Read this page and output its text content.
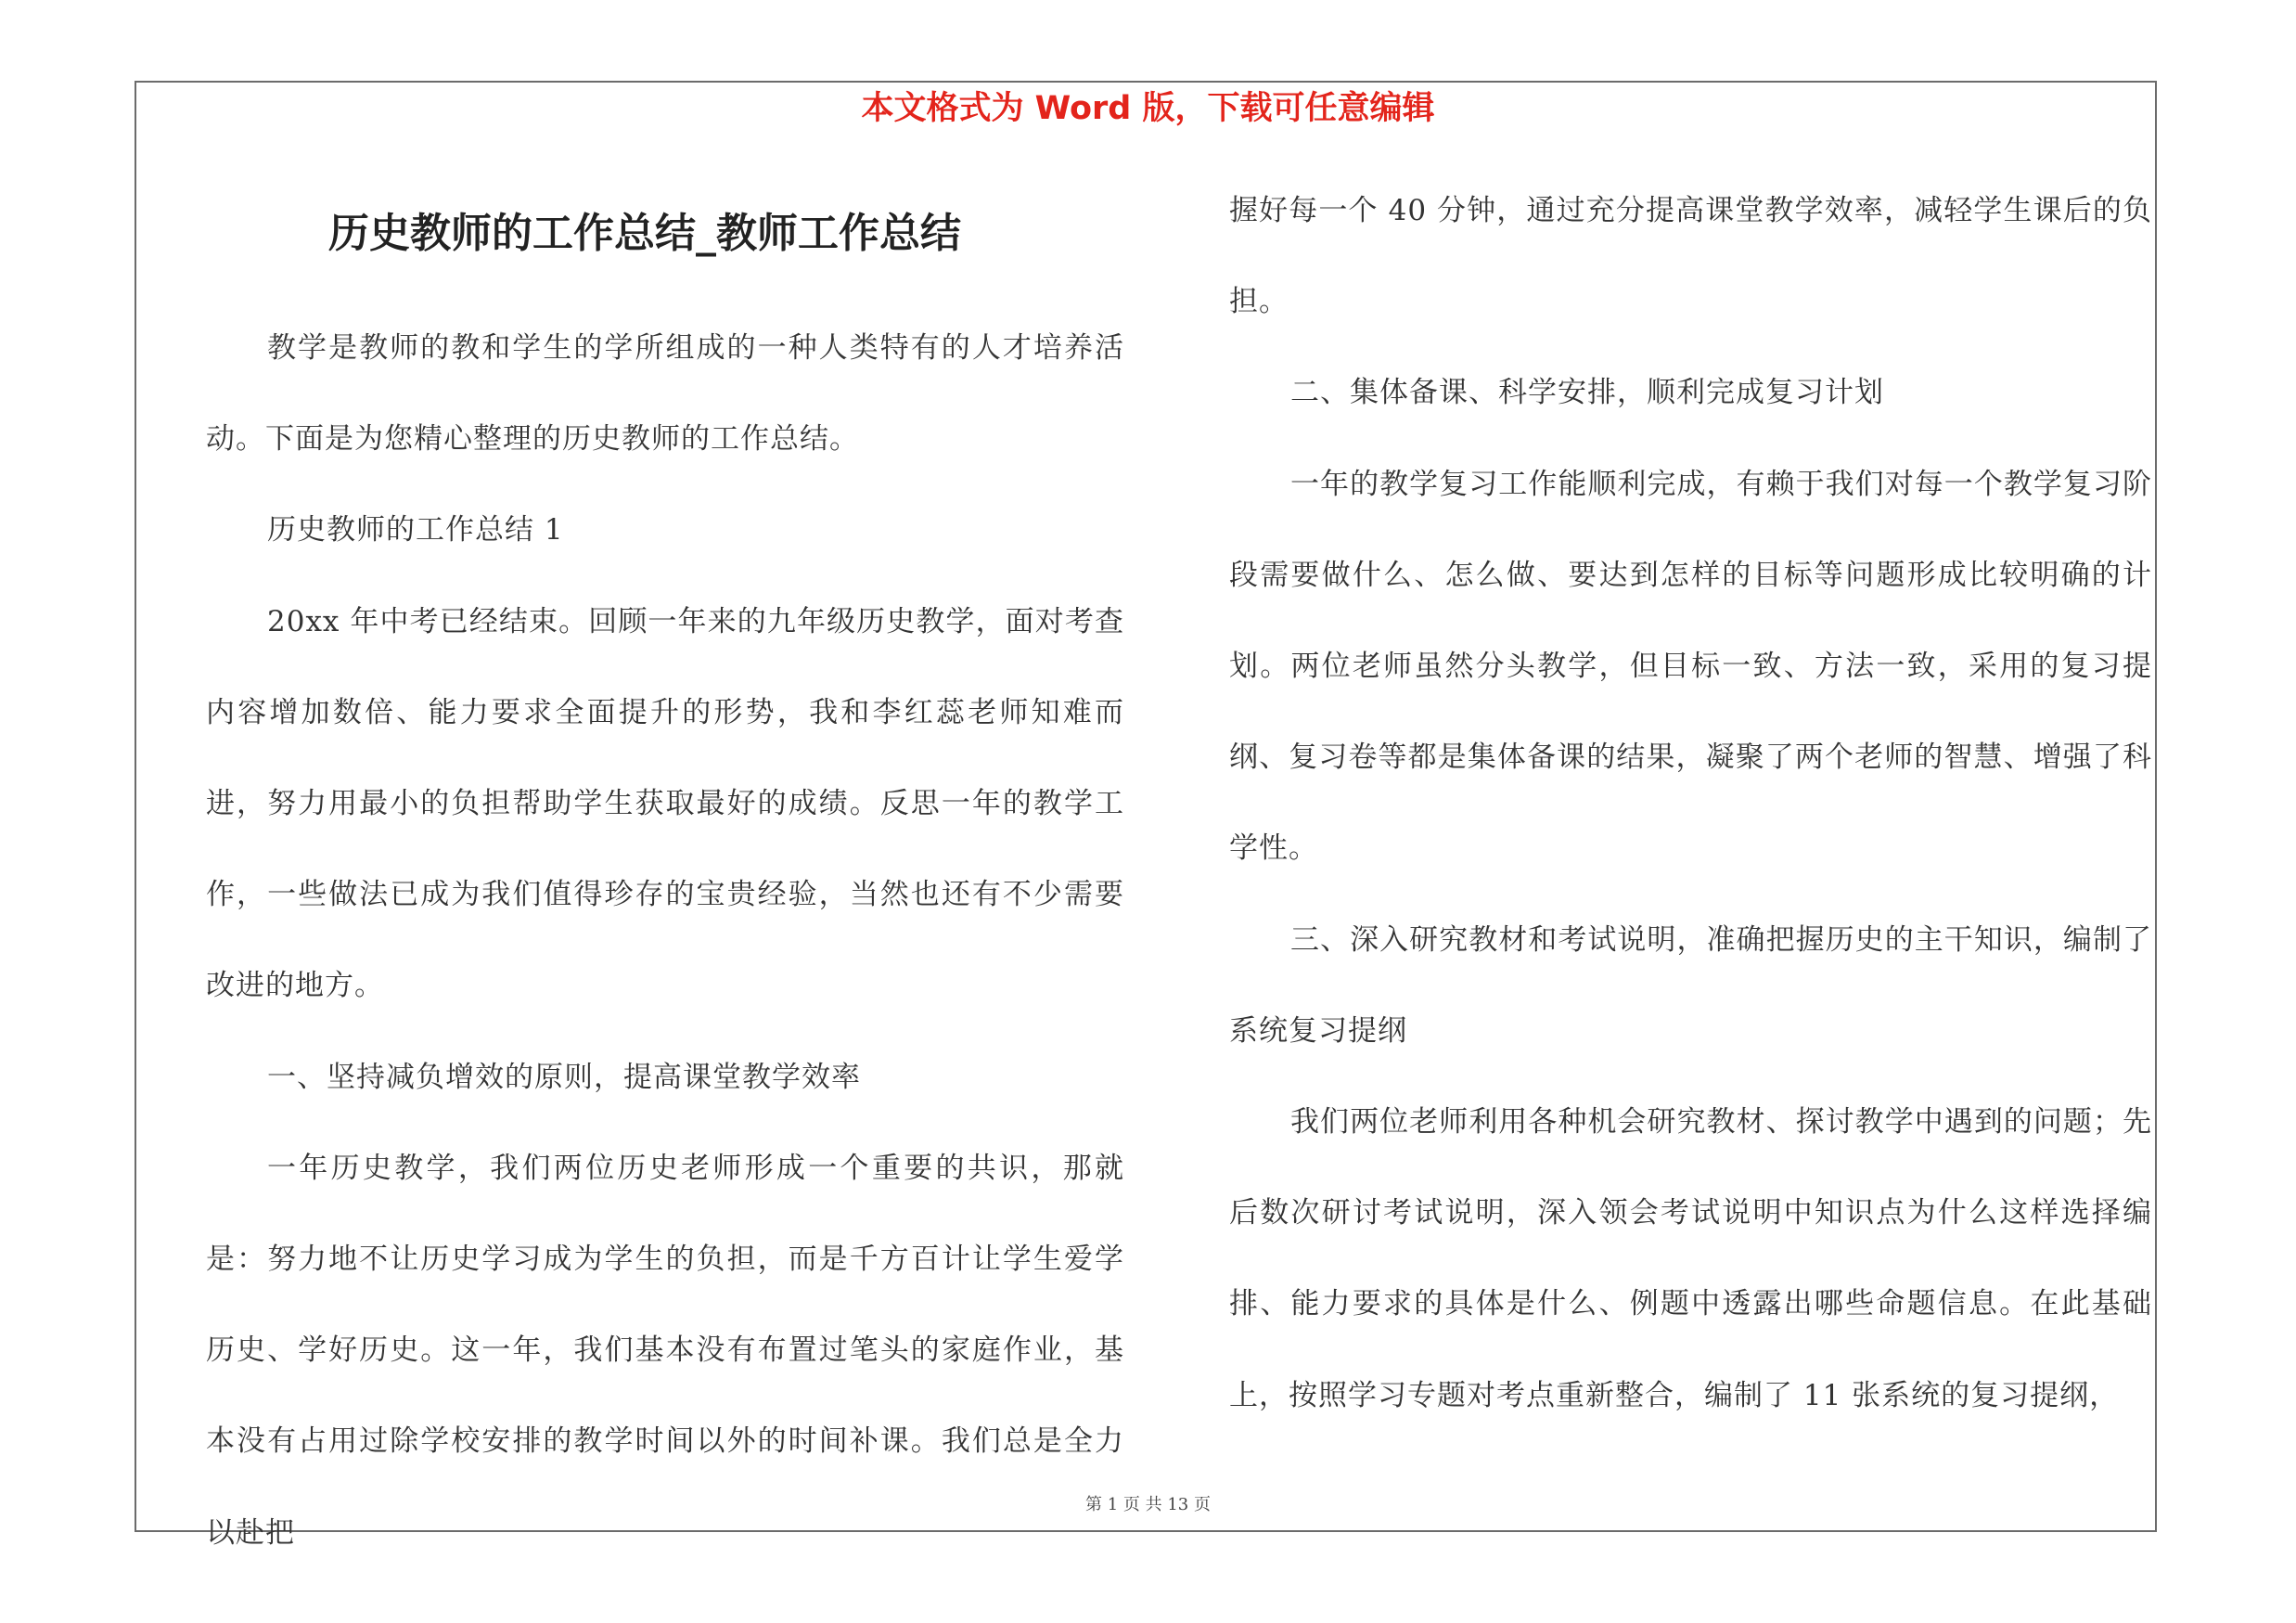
本文格式为 Word 版，下载可任意编辑
历史教师的工作总结_教师工作总结

教学是教师的教和学生的学所组成的一种人类特有的人才培养活动。下面是为您精心整理的历史教师的工作总结。

历史教师的工作总结 1

20xx 年中考已经结束。回顾一年来的九年级历史教学，面对考查内容增加数倍、能力要求全面提升的形势，我和李红蕊老师知难而进，努力用最小的负担帮助学生获取最好的成绩。反思一年的教学工作，一些做法已成为我们值得珍存的宝贵经验，当然也还有不少需要改进的地方。

一、坚持减负增效的原则，提高课堂教学效率

一年历史教学，我们两位历史老师形成一个重要的共识，那就是：努力地不让历史学习成为学生的负担，而是千方百计让学生爱学历史、学好历史。这一年，我们基本没有布置过笔头的家庭作业，基本没有占用过除学校安排的教学时间以外的时间补课。我们总是全力以赴把

握好每一个 40 分钟，通过充分提高课堂教学效率，减轻学生课后的负担。

二、集体备课、科学安排，顺利完成复习计划

一年的教学复习工作能顺利完成，有赖于我们对每一个教学复习阶段需要做什么、怎么做、要达到怎样的目标等问题形成比较明确的计划。两位老师虽然分头教学，但目标一致、方法一致，采用的复习提纲、复习卷等都是集体备课的结果，凝聚了两个老师的智慧、增强了科学性。

三、深入研究教材和考试说明，准确把握历史的主干知识，编制了系统复习提纲

我们两位老师利用各种机会研究教材、探讨教学中遇到的问题；先后数次研讨考试说明，深入领会考试说明中知识点为什么这样选择编排、能力要求的具体是什么、例题中透露出哪些命题信息。在此基础上，按照学习专题对考点重新整合，编制了 11 张系统的复习提纲，

第 1 页 共 13 页
